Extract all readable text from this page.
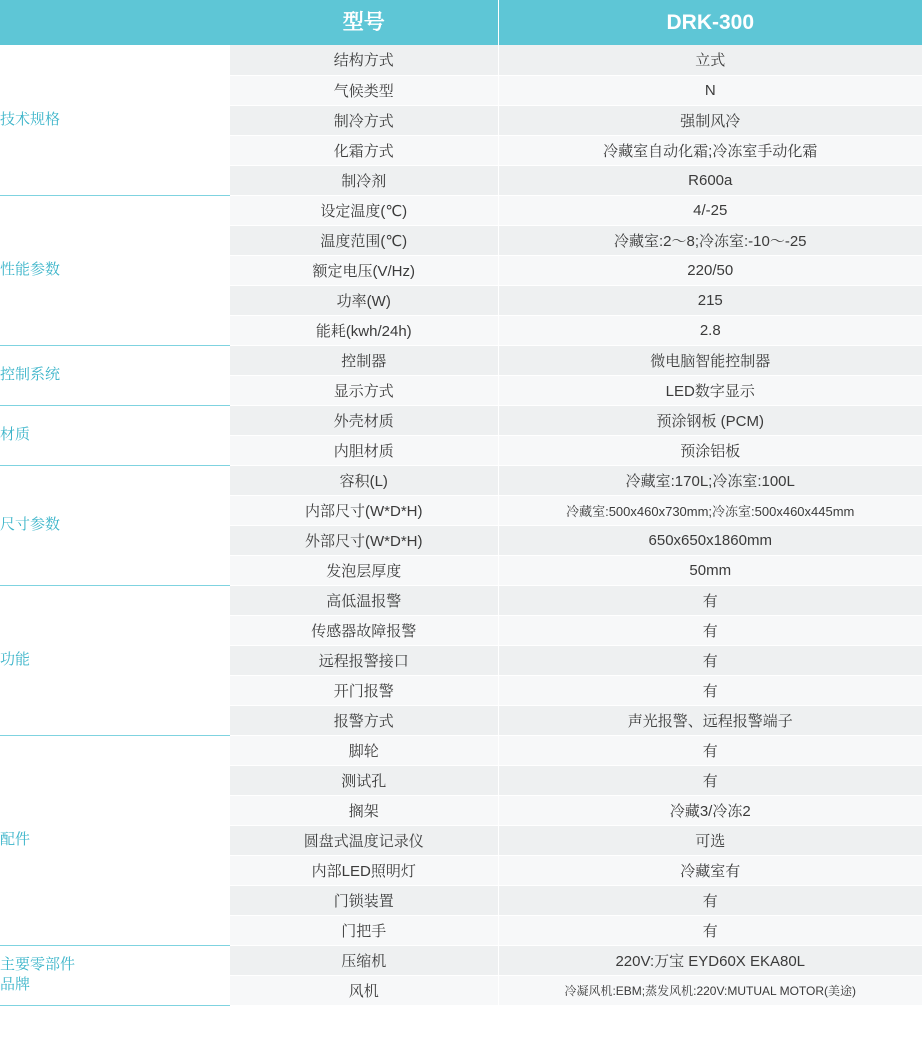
	型号	DRK-300
技术规格	结构方式	立式
	气候类型	N
	制冷方式	强制风冷
	化霜方式	冷藏室自动化霜;冷冻室手动化霜
	制冷剂	R600a
性能参数	设定温度(℃)	4/-25
	温度范围(℃)	冷藏室:2〜8;冷冻室:-10〜-25
	额定电压(V/Hz)	220/50
	功率(W)	215
	能耗(kwh/24h)	2.8
控制系统	控制器	微电脑智能控制器
	显示方式	LED数字显示
材质	外壳材质	预涂钢板 (PCM)
	内胆材质	预涂铝板
尺寸参数	容积(L)	冷藏室:170L;冷冻室:100L
	内部尺寸(W*D*H)	冷藏室:500x460x730mm;冷冻室:500x460x445mm
	外部尺寸(W*D*H)	650x650x1860mm
	发泡层厚度	50mm
功能	高低温报警	有
	传感器故障报警	有
	远程报警接口	有
	开门报警	有
	报警方式	声光报警、远程报警端子
配件	脚轮	有
	测试孔	有
	搁架	冷藏3/冷冻2
	圆盘式温度记录仪	可选
	内部LED照明灯	冷藏室有
	门锁装置	有
	门把手	有
主要零部件
品牌	压缩机	220V:万宝 EYD60X EKA80L
	风机	冷凝风机:EBM;蒸发风机:220V:MUTUAL MOTOR(美途)
